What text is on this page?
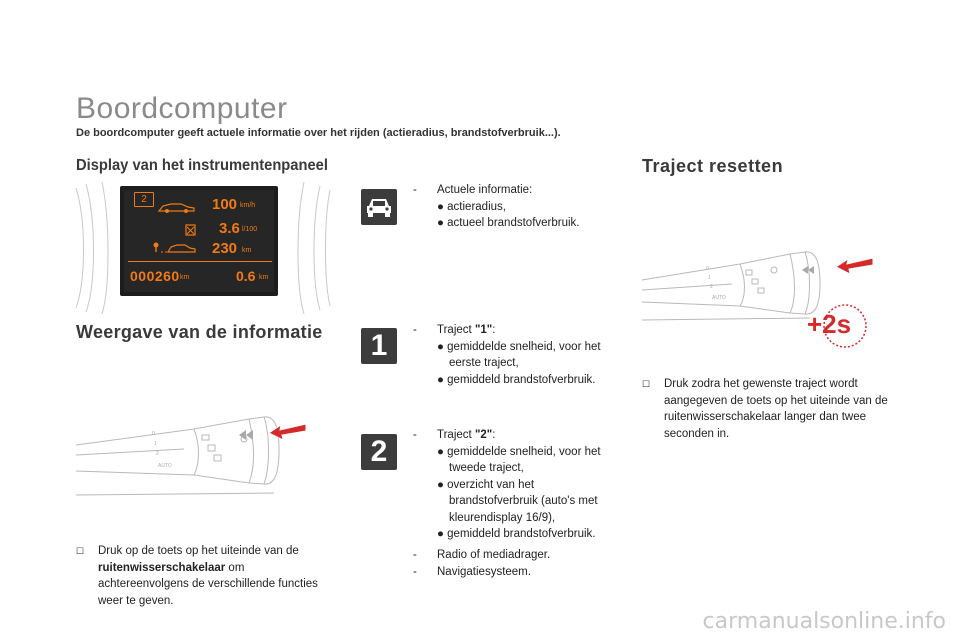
Boordcomputer
De boordcomputer geeft actuele informatie over het rijden (actieradius, brandstofverbruik...).
Display van het instrumentenpaneel	Traject resetten
Weergave van de informatie
2	100 km/h
3.6 l/100
230 km
000260 km	0.6 km
0
1
2
AUTO
☐ Druk op de toets op het uiteinde van de ruitenwisserschakelaar om achtereenvolgens de verschillende functies weer te geven.
1
2
- Actuele informatie:
● actieradius,
● actueel brandstofverbruik.
- Traject "1":
● gemiddelde snelheid, voor het eerste traject,
● gemiddeld brandstofverbruik.
- Traject "2":
● gemiddelde snelheid, voor het tweede traject,
● overzicht van het brandstofverbruik (auto's met kleurendisplay 16/9),
● gemiddeld brandstofverbruik.
- Radio of mediadrager.
- Navigatiesysteem.
0
1
2
AUTO
+2s
☐ Druk zodra het gewenste traject wordt aangegeven de toets op het uiteinde van de ruitenwisserschakelaar langer dan twee seconden in.
carmanualsonline.info
